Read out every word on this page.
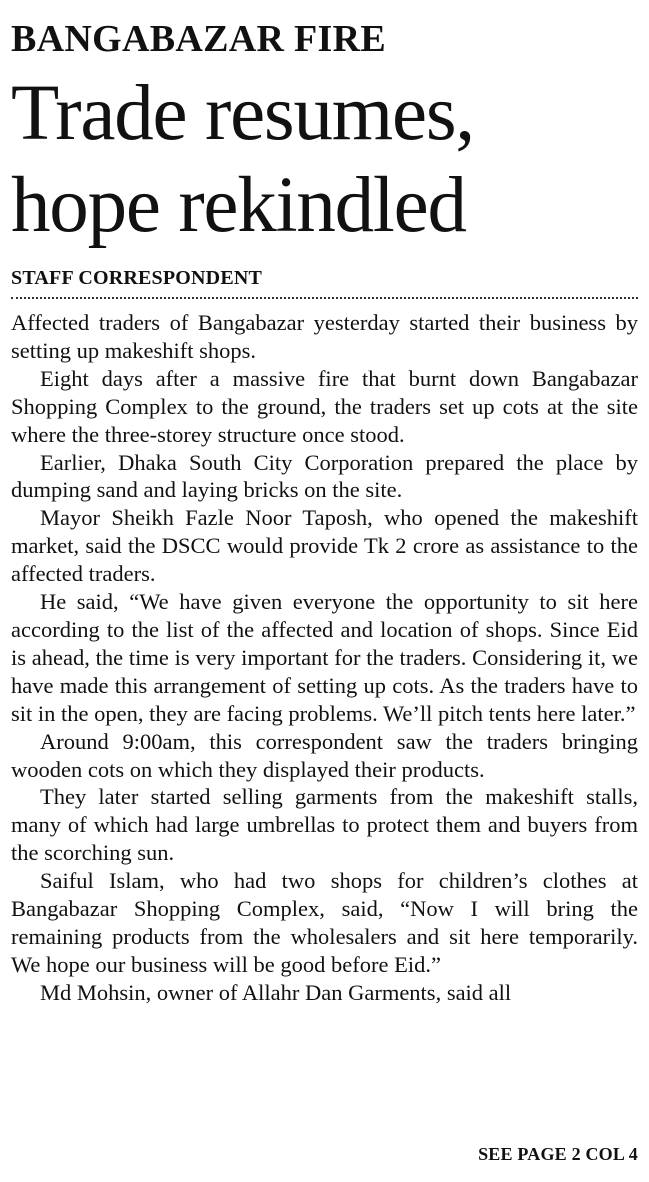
BANGABAZAR FIRE
Trade resumes,
hope rekindled
STAFF CORRESPONDENT

Affected traders of Bangabazar yesterday started their business by setting up makeshift shops.

Eight days after a massive fire that burnt down Bangabazar Shopping Complex to the ground, the traders set up cots at the site where the three-storey structure once stood.

Earlier, Dhaka South City Corporation prepared the place by dumping sand and laying bricks on the site.

Mayor Sheikh Fazle Noor Taposh, who opened the makeshift market, said the DSCC would provide Tk 2 crore as assistance to the affected traders.

He said, “We have given everyone the opportunity to sit here according to the list of the affected and location of shops. Since Eid is ahead, the time is very important for the traders. Considering it, we have made this arrangement of setting up cots. As the traders have to sit in the open, they are facing problems. We’ll pitch tents here later.”

Around 9:00am, this correspondent saw the traders bringing wooden cots on which they displayed their products.

They later started selling garments from the makeshift stalls, many of which had large umbrellas to protect them and buyers from the scorching sun.

Saiful Islam, who had two shops for children’s clothes at Bangabazar Shopping Complex, said, “Now I will bring the remaining products from the wholesalers and sit here temporarily. We hope our business will be good before Eid.”

Md Mohsin, owner of Allahr Dan Garments, said all

SEE PAGE 2 COL 4
